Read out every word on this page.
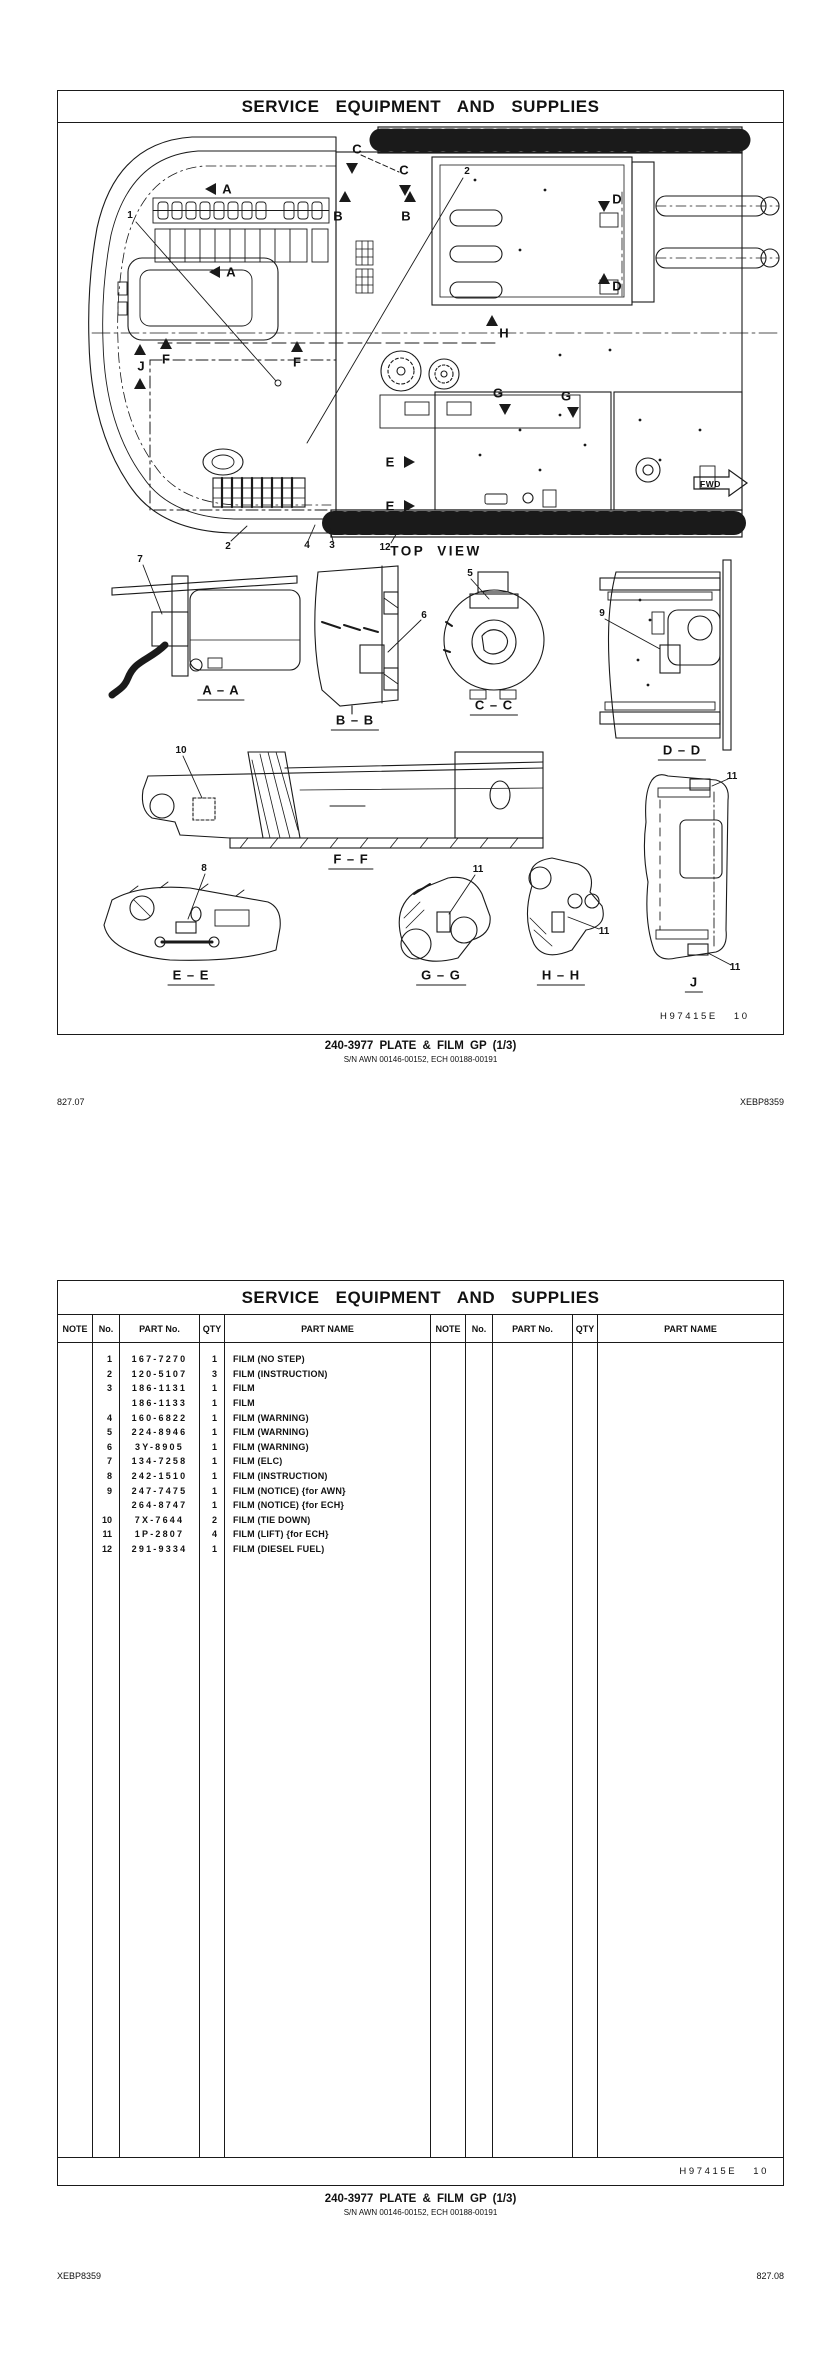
SERVICE EQUIPMENT AND SUPPLIES
C
C
A
A
B	B
D
D
H
F	F
J
G	G
E
E
1
2
2	4 3	12
7
5
6	9
10
8	11
11
11
11
A – A
B – B
C – C
D – D
F – F
E – E	G – G	H – H	J
TOP VIEW
FWD
H97415E 10
240-3977 PLATE & FILM GP (1/3)
S/N AWN 00146-00152, ECH 00188-00191
827.07	XEBP8359
SERVICE EQUIPMENT AND SUPPLIES
NOTE	No.	PART No.	QTY	PART NAME	NOTE	No.	PART No.	QTY	PART NAME
1	167-7270	1	FILM (NO STEP)
2	120-5107	3	FILM (INSTRUCTION)
3	186-1131	1	FILM
186-1133	1	FILM
4	160-6822	1	FILM (WARNING)
5	224-8946	1	FILM (WARNING)
6	3Y-8905	1	FILM (WARNING)
7	134-7258	1	FILM (ELC)
8	242-1510	1	FILM (INSTRUCTION)
9	247-7475	1	FILM (NOTICE) {for AWN}
264-8747	1	FILM (NOTICE) {for ECH}
10	7X-7644	2	FILM (TIE DOWN)
11	1P-2807	4	FILM (LIFT) {for ECH}
12	291-9334	1	FILM (DIESEL FUEL)
H97415E 10
240-3977 PLATE & FILM GP (1/3)
S/N AWN 00146-00152, ECH 00188-00191
XEBP8359	827.08
